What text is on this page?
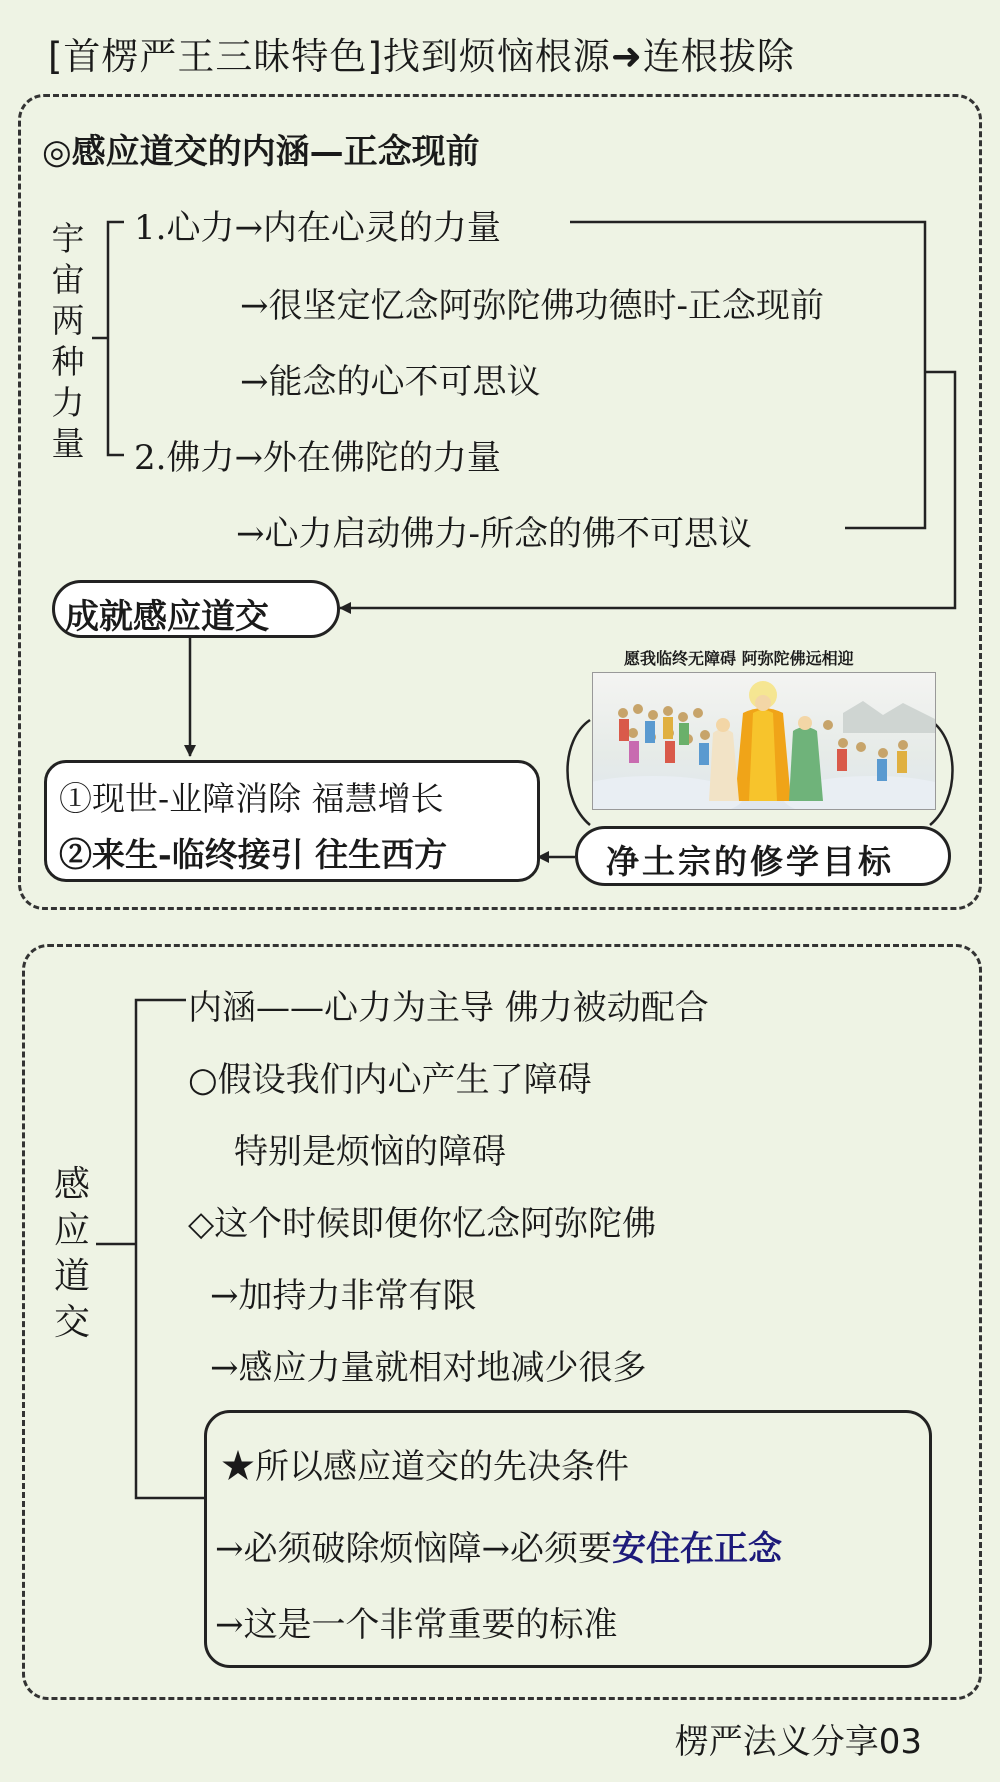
[首楞严王三昧特色]找到烦恼根源➜连根拔除
◎感应道交的内涵—正念现前
宇宙两种力量
1.心力→内在心灵的力量
→很坚定忆念阿弥陀佛功德时-正念现前
→能念的心不可思议
2.佛力→外在佛陀的力量
→心力启动佛力-所念的佛不可思议
成就感应道交
愿我临终无障碍 阿弥陀佛远相迎
净土宗的修学目标
①现世-业障消除 福慧增长
②来生-临终接引 往生西方
感应道交
内涵——心力为主导 佛力被动配合
○假设我们内心产生了障碍
特别是烦恼的障碍
◇这个时候即便你忆念阿弥陀佛
→加持力非常有限
→感应力量就相对地减少很多
★所以感应道交的先决条件
→必须破除烦恼障→必须要安住在正念
→这是一个非常重要的标准
楞严法义分享03
